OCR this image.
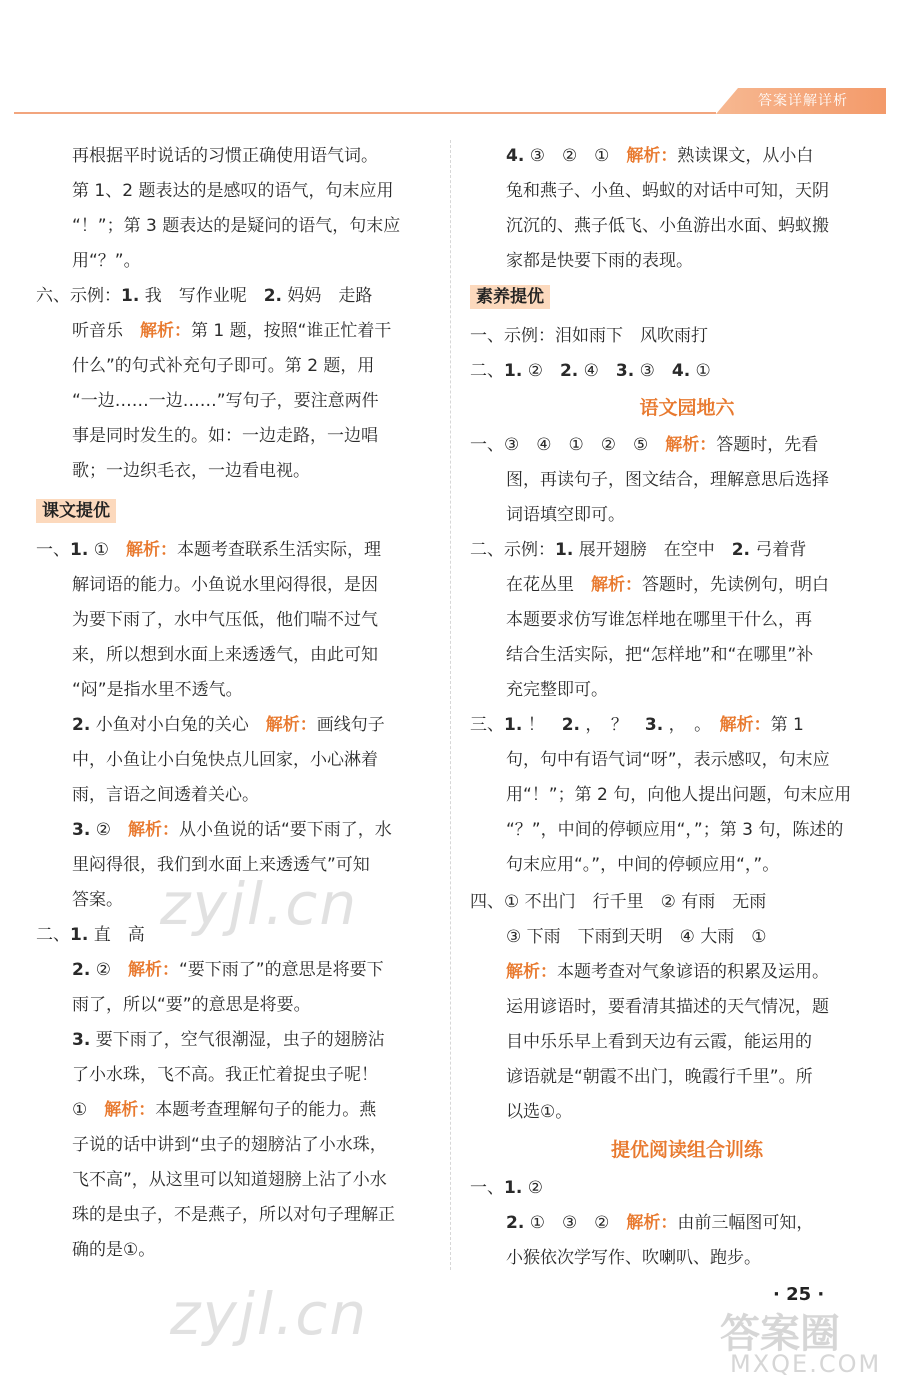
答案详解详析
再根据平时说话的习惯正确使用语气词。
第 1、2 题表达的是感叹的语气，句末应用
“！”；第 3 题表达的是疑问的语气，句末应
用“？”。
六、示例：1. 我　写作业呢　2. 妈妈　走路
听音乐　解析：第 1 题，按照“谁正忙着干
什么”的句式补充句子即可。第 2 题，用
“一边……一边……”写句子，要注意两件
事是同时发生的。如：一边走路，一边唱
歌；一边织毛衣，一边看电视。
课文提优
一、1. ①　解析：本题考查联系生活实际，理
解词语的能力。小鱼说水里闷得很，是因
为要下雨了，水中气压低，他们喘不过气
来，所以想到水面上来透透气，由此可知
“闷”是指水里不透气。
2. 小鱼对小白兔的关心　解析：画线句子
中，小鱼让小白兔快点儿回家，小心淋着
雨，言语之间透着关心。
3. ②　解析：从小鱼说的话“要下雨了，水
里闷得很，我们到水面上来透透气”可知
答案。
二、1. 直　高
2. ②　解析：“要下雨了”的意思是将要下
雨了，所以“要”的意思是将要。
3. 要下雨了，空气很潮湿，虫子的翅膀沾
了小水珠，飞不高。我正忙着捉虫子呢！
①　解析：本题考查理解句子的能力。燕
子说的话中讲到“虫子的翅膀沾了小水珠，
飞不高”，从这里可以知道翅膀上沾了小水
珠的是虫子，不是燕子，所以对句子理解正
确的是①。
4. ③　②　①　解析：熟读课文，从小白
兔和燕子、小鱼、蚂蚁的对话中可知，天阴
沉沉的、燕子低飞、小鱼游出水面、蚂蚁搬
家都是快要下雨的表现。
素养提优
一、示例：泪如雨下　风吹雨打
二、1. ②　2. ④　3. ③　4. ①
语文园地六
一、③　④　①　②　⑤　解析：答题时，先看
图，再读句子，图文结合，理解意思后选择
词语填空即可。
二、示例：1. 展开翅膀　在空中　2. 弓着背
在花丛里　解析：答题时，先读例句，明白
本题要求仿写谁怎样地在哪里干什么，再
结合生活实际，把“怎样地”和“在哪里”补
充完整即可。
三、1. ！　2. ，　？　3. ，　。　解析：第 1
句，句中有语气词“呀”，表示感叹，句末应
用“！”；第 2 句，向他人提出问题，句末应用
“？”，中间的停顿应用“，”；第 3 句，陈述的
句末应用“。”，中间的停顿应用“，”。
四、① 不出门　行千里　② 有雨　无雨
③ 下雨　下雨到天明　④ 大雨　①
解析：本题考查对气象谚语的积累及运用。
运用谚语时，要看清其描述的天气情况，题
目中乐乐早上看到天边有云霞，能运用的
谚语就是“朝霞不出门，晚霞行千里”。所
以选①。
提优阅读组合训练
一、1. ②
2. ①　③　②　解析：由前三幅图可知，
小猴依次学写作、吹喇叭、跑步。
zyjl.cn
zyjl.cn	· 25 ·
答案圈
MXQE.COM
